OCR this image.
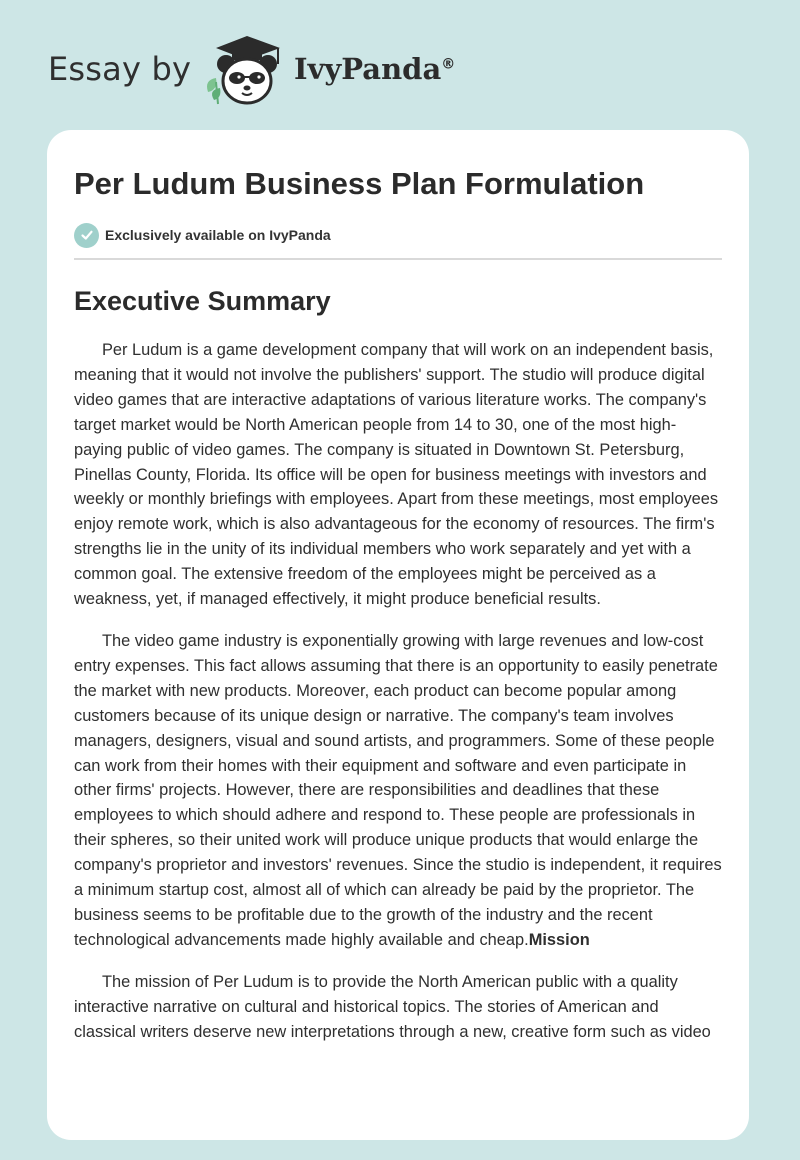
Essay by	IvyPanda®
Per Ludum Business Plan Formulation
Exclusively available on IvyPanda
Executive Summary

Per Ludum is a game development company that will work on an independent basis, meaning that it would not involve the publishers' support. The studio will produce digital video games that are interactive adaptations of various literature works. The company's target market would be North American people from 14 to 30, one of the most high-paying public of video games. The company is situated in Downtown St. Petersburg, Pinellas County, Florida. Its office will be open for business meetings with investors and weekly or monthly briefings with employees. Apart from these meetings, most employees enjoy remote work, which is also advantageous for the economy of resources. The firm's strengths lie in the unity of its individual members who work separately and yet with a common goal. The extensive freedom of the employees might be perceived as a weakness, yet, if managed effectively, it might produce beneficial results.

The video game industry is exponentially growing with large revenues and low-cost entry expenses. This fact allows assuming that there is an opportunity to easily penetrate the market with new products. Moreover, each product can become popular among customers because of its unique design or narrative. The company's team involves managers, designers, visual and sound artists, and programmers. Some of these people can work from their homes with their equipment and software and even participate in other firms' projects. However, there are responsibilities and deadlines that these employees to which should adhere and respond to. These people are professionals in their spheres, so their united work will produce unique products that would enlarge the company's proprietor and investors' revenues. Since the studio is independent, it requires a minimum startup cost, almost all of which can already be paid by the proprietor. The business seems to be profitable due to the growth of the industry and the recent technological advancements made highly available and cheap.Mission

The mission of Per Ludum is to provide the North American public with a quality interactive narrative on cultural and historical topics. The stories of American and classical writers deserve new interpretations through a new, creative form such as video
